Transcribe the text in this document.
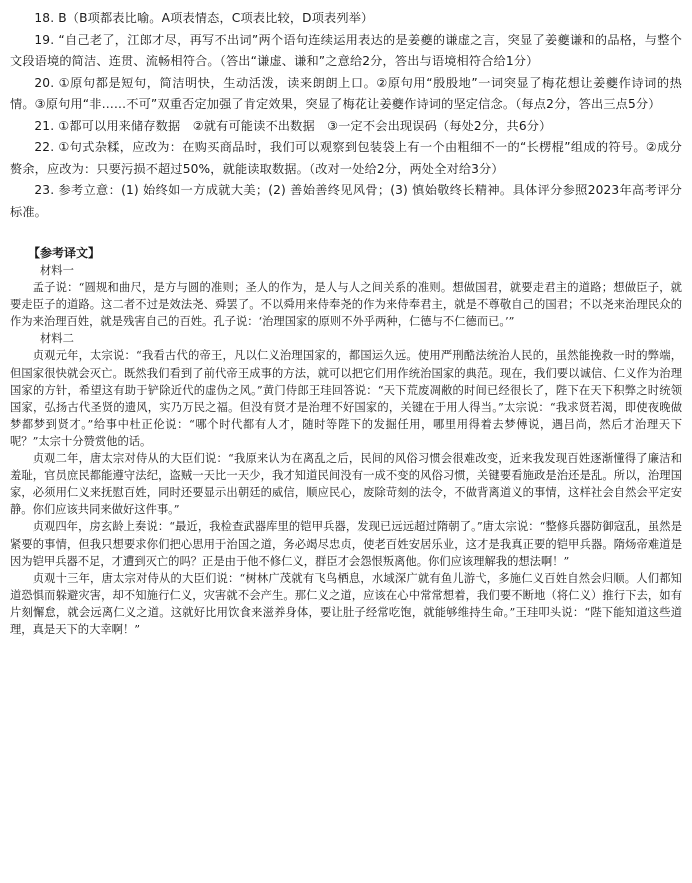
18. B（B项都表比喻。A项表情态，C项表比较，D项表列举）

19. “自己老了，江郎才尽，再写不出词”两个语句连续运用表达的是姜夔的谦虚之言，突显了姜夔谦和的品格，与整个文段语境的简洁、连贯、流畅相符合。（答出“谦虚、谦和”之意给2分，答出与语境相符合给1分）

20. ①原句都是短句，简洁明快，生动活泼，读来朗朗上口。②原句用“殷殷地”一词突显了梅花想让姜夔作诗词的热情。③原句用“非……不可”双重否定加强了肯定效果，突显了梅花让姜夔作诗词的坚定信念。（每点2分，答出三点5分）

21. ①都可以用来储存数据　②就有可能读不出数据　③一定不会出现误码（每处2分，共6分）

22. ①句式杂糅，应改为：在购买商品时，我们可以观察到包装袋上有一个由粗细不一的“长楞棍”组成的符号。②成分赘余，应改为：只要污损不超过50%，就能读取数据。（改对一处给2分，两处全对给3分）

23. 参考立意：(1) 始终如一方成就大美；(2) 善始善终见风骨；(3) 慎始敬终长精神。具体评分参照2023年高考评分标准。

【参考译文】

材料一

孟子说：“圆规和曲尺，是方与圆的准则；圣人的作为，是人与人之间关系的准则。想做国君，就要走君主的道路；想做臣子，就要走臣子的道路。这二者不过是效法尧、舜罢了。不以舜用来侍奉尧的作为来侍奉君主，就是不尊敬自己的国君；不以尧来治理民众的作为来治理百姓，就是残害自己的百姓。孔子说：‘治理国家的原则不外乎两种，仁德与不仁德而已。’”

材料二

贞观元年，太宗说：“我看古代的帝王，凡以仁义治理国家的，都国运久远。使用严刑酷法统治人民的，虽然能挽救一时的弊端，但国家很快就会灭亡。既然我们看到了前代帝王成事的方法，就可以把它们用作统治国家的典范。现在，我们要以诚信、仁义作为治理国家的方针，希望这有助于铲除近代的虚伪之风。”黄门侍郎王珪回答说：“天下荒废凋敝的时间已经很长了，陛下在天下积弊之时统领国家，弘扬古代圣贤的遗风，实乃万民之福。但没有贤才是治理不好国家的，关键在于用人得当。”太宗说：“我求贤若渴，即使夜晚做梦都梦到贤才。”给事中杜正伦说：“哪个时代都有人才，随时等陛下的发掘任用，哪里用得着去梦傅说，遇吕尚，然后才治理天下呢？”太宗十分赞赏他的话。

贞观二年，唐太宗对侍从的大臣们说：“我原来认为在离乱之后，民间的风俗习惯会很难改变，近来我发现百姓逐渐懂得了廉洁和羞耻，官员庶民都能遵守法纪，盗贼一天比一天少，我才知道民间没有一成不变的风俗习惯，关键要看施政是治还是乱。所以，治理国家，必须用仁义来抚慰百姓，同时还要显示出朝廷的威信，顺应民心，废除苛刻的法令，不做背离道义的事情，这样社会自然会平定安静。你们应该共同来做好这件事。”

贞观四年，房玄龄上奏说：“最近，我检查武器库里的铠甲兵器，发现已远远超过隋朝了。”唐太宗说：“整修兵器防御寇乱，虽然是紧要的事情，但我只想要求你们把心思用于治国之道，务必竭尽忠贞，使老百姓安居乐业，这才是我真正要的铠甲兵器。隋炀帝难道是因为铠甲兵器不足，才遭到灭亡的吗？正是由于他不修仁义，群臣才会怨恨叛离他。你们应该理解我的想法啊！”

贞观十三年，唐太宗对侍从的大臣们说：“树林广茂就有飞鸟栖息，水域深广就有鱼儿游弋，多施仁义百姓自然会归顺。人们都知道恐惧而躲避灾害，却不知施行仁义，灾害就不会产生。那仁义之道，应该在心中常常想着，我们要不断地（将仁义）推行下去，如有片刻懈怠，就会远离仁义之道。这就好比用饮食来滋养身体，要让肚子经常吃饱，就能够维持生命。”王珪叩头说：“陛下能知道这些道理，真是天下的大幸啊！”
